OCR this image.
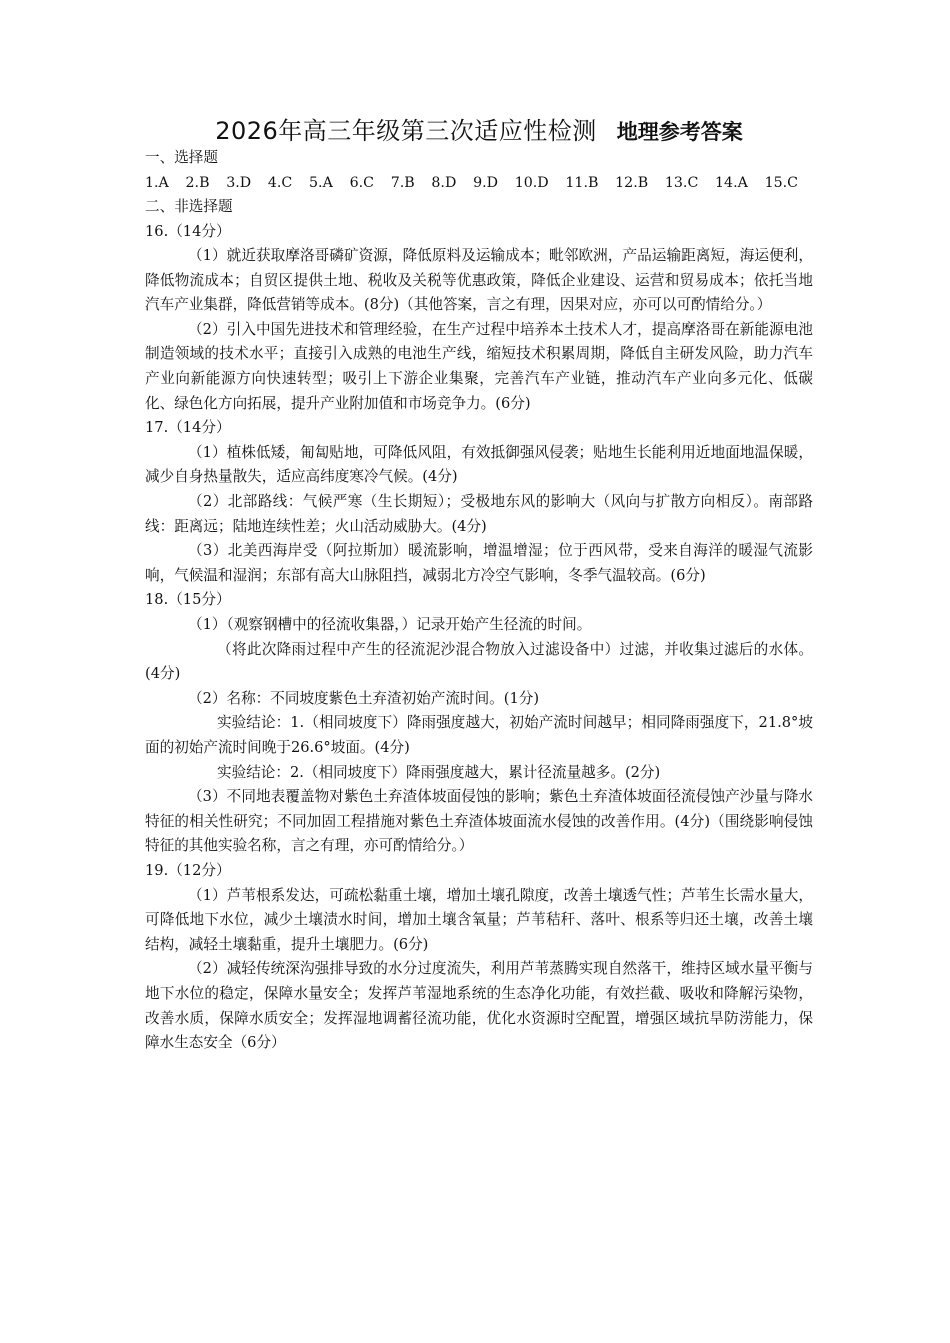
2026年高三年级第三次适应性检测 地理参考答案

一、选择题

1.A 2.B 3.D 4.C 5.A 6.C 7.B 8.D 9.D 10.D 11.B 12.B 13.C 14.A 15.C

二、非选择题

16.（14分）

（1）就近获取摩洛哥磷矿资源，降低原料及运输成本；毗邻欧洲，产品运输距离短，海运便利，降低物流成本；自贸区提供土地、税收及关税等优惠政策，降低企业建设、运营和贸易成本；依托当地汽车产业集群，降低营销等成本。(8分)（其他答案，言之有理，因果对应，亦可以可酌情给分。）

（2）引入中国先进技术和管理经验，在生产过程中培养本土技术人才，提高摩洛哥在新能源电池制造领域的技术水平；直接引入成熟的电池生产线，缩短技术积累周期，降低自主研发风险，助力汽车产业向新能源方向快速转型；吸引上下游企业集聚，完善汽车产业链，推动汽车产业向多元化、低碳化、绿色化方向拓展，提升产业附加值和市场竞争力。(6分)

17.（14分）

（1）植株低矮，匍匐贴地，可降低风阻，有效抵御强风侵袭；贴地生长能利用近地面地温保暖，减少自身热量散失，适应高纬度寒冷气候。(4分)

（2）北部路线：气候严寒（生长期短）；受极地东风的影响大（风向与扩散方向相反）。南部路线：距离远；陆地连续性差；火山活动威胁大。(4分)

（3）北美西海岸受（阿拉斯加）暖流影响，增温增湿；位于西风带，受来自海洋的暖湿气流影响，气候温和湿润；东部有高大山脉阻挡，减弱北方冷空气影响，冬季气温较高。(6分)

18.（15分）

（1）（观察钢槽中的径流收集器，）记录开始产生径流的时间。

（将此次降雨过程中产生的径流泥沙混合物放入过滤设备中）过滤，并收集过滤后的水体。(4分)

（2）名称：不同坡度紫色土弃渣初始产流时间。(1分)

实验结论：1.（相同坡度下）降雨强度越大，初始产流时间越早；相同降雨强度下，21.8°坡面的初始产流时间晚于26.6°坡面。(4分)

实验结论：2.（相同坡度下）降雨强度越大，累计径流量越多。(2分)

（3）不同地表覆盖物对紫色土弃渣体坡面侵蚀的影响；紫色土弃渣体坡面径流侵蚀产沙量与降水特征的相关性研究；不同加固工程措施对紫色土弃渣体坡面流水侵蚀的改善作用。(4分)（围绕影响侵蚀特征的其他实验名称，言之有理，亦可酌情给分。）

19.（12分）

（1）芦苇根系发达，可疏松黏重土壤，增加土壤孔隙度，改善土壤透气性；芦苇生长需水量大，可降低地下水位，减少土壤渍水时间，增加土壤含氧量；芦苇秸秆、落叶、根系等归还土壤，改善土壤结构，减轻土壤黏重，提升土壤肥力。(6分)

（2）减轻传统深沟强排导致的水分过度流失，利用芦苇蒸腾实现自然落干，维持区域水量平衡与地下水位的稳定，保障水量安全；发挥芦苇湿地系统的生态净化功能，有效拦截、吸收和降解污染物，改善水质，保障水质安全；发挥湿地调蓄径流功能，优化水资源时空配置，增强区域抗旱防涝能力，保障水生态安全（6分）
